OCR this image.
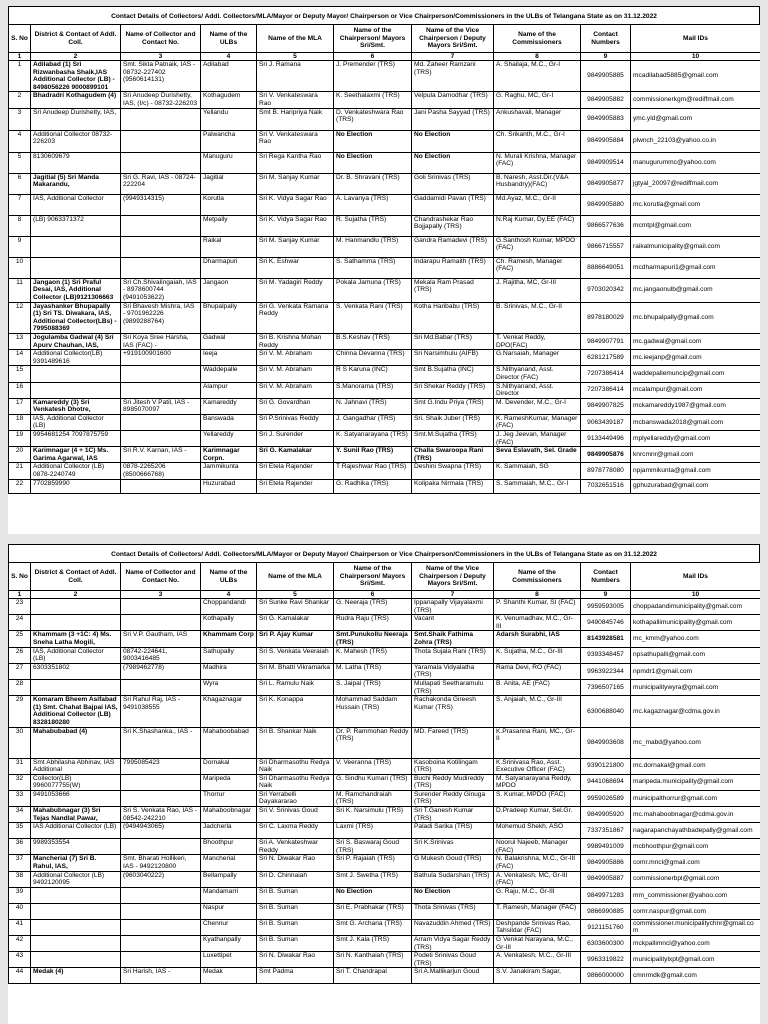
Contact Details of Collectors/ Addl. Collectors/MLA/Mayor or Deputy Mayor/ Chairperson or Vice Chairperson/Commissioners in the ULBs of Telangana State as on 31.12.2022
S. No	District & Contact of Addl. Coll.	Name of Collector and Contact No.	Name of the ULBs	Name of the MLA	Name of the Chairperson/ Mayors Sri/Smt.	Name of the Vice Chairperson / Deputy Mayors Sri/Smt.	Name of the Commissioners	Contact Numbers	Mail IDs
1	2	3	4	5	6	7	8	9	10
1	Adilabad (1) Sri Rizwanbasha Shaik,IAS Additional Collector (LB) - 8498056226 9000899101	Smt. Sikta Patnaik, IAS - 08732-227402 (9560614131)	Adilabad	Sri J. Ramana	J. Premender (TRS)	Md. Zaheer Ramzani (TRS)	A. Shailaja, M.C., Gr-I	9849905885	mcadilabad5885@gmail.com
2	Bhadradri Kothagudem (4)	Sri Anudeep Durishetty, IAS, (I/c) - 08732-226203	Kothagudem	Sri V. Venkateswara Rao	K. Seethalaxmi (TRS)	Velpula Damodhar (TRS)	G. Raghu, MC, Gr-I	9849905882	commissionerkgm@rediffmail.com
3	Sri Anudeep Durishetty, IAS,		Yellandu	Smt B. Haripriya Naik	D. Venkateshwara Rao (TRS)	Jani Pasha Sayyad (TRS)	Ankushavali, Manager	9849905883	ymc.yld@gmail.com
4	Additional Collector 08732-226203		Palwancha	Sri V. Venkateswara Rao	No Election	No Election	Ch. Srikanth, M.C., Gr-I	9849905884	plwnch_22103@yahoo.co.in
5	8130609679		Manuguru	Sri Rega Kantha Rao	No Election	No Election	N. Murali Krishna, Manager (FAC)	9849909514	manugurummc@yahoo.com
6	Jagitial (5) Sri Manda Makarandu,	Sri G. Ravi, IAS - 08724-222204	Jagitial	Sri M. Sanjay Kumar	Dr. B. Shravani (TRS)	Goli Srinivas (TRS)	B. Naresh, Asst.Dir.(V&A Husbandry)(FAC)	9849905877	jgtyal_20097@rediffmail.com
7	IAS, Additional Collector	(9949314315)	Korutla	Sri K. Vidya Sagar Rao	A. Lavanya (TRS)	Gaddamidi Pavan (TRS)	Md.Ayaz, M.C., Gr-II	9849905880	mc.korutla@gmail.com
8	(LB) 9063371372		Metpally	Sri K. Vidya Sagar Rao	R. Sujatha (TRS)	Chandrashekar Rao Bojjapally (TRS)	N.Raj Kumar, Dy.EE (FAC)	9866577636	mcmtpl@gmail.com
9			Raikal	Sri M. Sanjay Kumar	M. Hanmandlu (TRS)	Gandra Ramadevi (TRS)	G.Santhosh Kumar, MPDO (FAC)	9866715557	raikalmunicipality@gmail.com
10			Dharmapuri	Sri K. Eshwar	S. Sathamma (TRS)	Indarapu Ramaith (TRS)	Ch. Ramesh, Manager (FAC)	8886649051	mcdharmapuri1@gmail.com
11	Jangaon (1) Sri Praful Desai, IAS, Additional Collector (LB)9121306663	Sri Ch.Shivalingaiah, IAS - 8978600744 (9491053622)	Jangaon	Sri M. Yadagiri Reddy	Pokala Jamuna (TRS)	Mekala Ram Prasad (TRS)	J. Rajitha, MC, Gr-III	9703020342	mc.jangaonulb@gmail.com
12	Jayashanker Bhupapally (1) Sri TS. Diwakara, IAS, Additional Collector(LBs) - 7995088369	Sri Bhavesh Mishra, IAS - 9701962226 (9899288764)	Bhupalpally	Sri G. Venkata Ramana Reddy	S. Venkata Rani (TRS)	Kotha Haribabu (TRS)	B. Srinivas, M.C., Gr-II	8978180029	mc.bhupalpally@gmail.com
13	Jogulamba Gadwal (4) Sri Apurv Chauhan, IAS,	Sri Koya Sree Harsha, IAS (FAC) -	Gadwal	Sri B. Krishna Mohan Reddy	B.S.Keshav (TRS)	Sri Md.Babar (TRS)	T. Venkat Reddy, DPO(FAC)	9849907791	mc.gadwal@gmail.com
14	Additional Collector(LB) 9391489616	+919100901600	Ieeja	Sri V. M. Abraham	Chinna Devanna (TRS)	Sri Narsimhulu (AIFB)	G.Narsaiah, Manager	6281217589	mc.ieejanp@gmail.com
15			Waddepalle	Sri V. M. Abraham	R S Karuna (INC)	Smt B.Sujatha (INC)	S.Nithyanand, Asst. Director (FAC)	7207386414	waddepallemuncip@gmail.com
16			Alampur	Sri V. M. Abraham	S.Manorama (TRS)	Sri Shekar Reddy (TRS)	S.Nithyanand, Asst. Director	7207386414	mcalampur@gmail.com
17	Kamareddy (3) Sri Venkatesh Dhotre,	Sri Jitesh V Patil, IAS - 8985070097	Kamareddy	Sri G. Govardhan	N. Jahnavi (TRS)	Smt G.Indu Priya (TRS)	M. Devender, M.C., Gr-I	9849907825	mckamareddy1987@gmail.com
18	IAS, Additional Collector (LB)		Banswada	Sri P.Srinivas Reddy	J. Gangadhar (TRS)	Sri. Shaik Juber (TRS)	K. RameshKumar, Manager (FAC)	9063439187	mcbanswada2018@gmail.com
19	9954681254 7097875759		Yellareddy	Sri J. Surender	K. Satyanarayana (TRS)	Smt.M.Sujatha (TRS)	J. Jeg Jeevan, Manager (FAC)	9133449496	mplyellareddy@gmail.com
20	Karimnagar (4 + 1C) Ms. Garima Agarwal, IAS	Sri R.V. Karnan, IAS -	Karimnagar Corpn.	Sri G. Kamalakar	Y. Sunil Rao (TRS)	Challa Swaroopa Rani (TRS)	Seva Eslavath, Sel. Grade	9849905876	knrcmnr@gmail.com
21	Additional Collector (LB) 0878-2240749	0878-2265206 (8500666768)	Jammikunta	Sri Etela Rajender	T Rajeshwar Rao (TRS)	Deshini Swapna (TRS)	K. Sammaiah, SG	8978778080	npjammikunta@gmail.com
22	7702859990		Huzurabad	Sri Etela Rajender	G. Radhika (TRS)	Kolipaka Nirmala (TRS)	S. Sammaiah, M.C., Gr-I	7032651516	gphuzurabad@gmail.com
Contact Details of Collectors/ Addl. Collectors/MLA/Mayor or Deputy Mayor/ Chairperson or Vice Chairperson/Commissioners in the ULBs of Telangana State as on 31.12.2022
S. No	District & Contact of Addl. Coll.	Name of Collector and Contact No.	Name of the ULBs	Name of the MLA	Name of the Chairperson/ Mayors Sri/Smt.	Name of the Vice Chairperson / Deputy Mayors Sri/Smt.	Name of the Commissioners	Contact Numbers	Mail IDs
1	2	3	4	5	6	7	8	9	10
23			Choppandandi	Sri Sunke Ravi Shankar	G. Neeraja (TRS)	Ippanapally Vijayalaxmi (TRS)	P. Shanthi Kumar, SI (FAC)	9959593005	choppadandimunicipality@gmail.com
24			Kothapally	Sri G. Kamalakar	Rudra Raju (TRS)	Vacant	K. Venumadhav, M.C., Gr-III	9490845746	kothapallimunicipality@gmail.com
25	Khammam (3 +1C: 4) Ms. Sneha Latha Mogili,	Sri V.P. Gautham, IAS	Khammam Corp	Sri P. Ajay Kumar	Smt.Punukollu Neeraja (TRS)	Smt.Shaik Fathima Zohra (TRS)	Adarsh Surabhi, IAS	8143928581	mc_kmm@yahoo.com
26	IAS, Additional Collector (LB)	08742-224641, 9003416485	Sathupally	Sri S. Venkata Veeraiah	K. Mahesh (TRS)	Thota Sujala Rani (TRS)	K. Sujatha, M.C., Gr-III	9393348457	npsathupalli@gmail.com
27	6303351802	(7989462778)	Madhira	Sri M. Bhatti Vikramarka	M. Latha (TRS)	Yaramala Vidyalatha (TRS)	Rama Devi, RO (FAC)	9963922344	npmdr1@gmail.com
28			Wyra	Sri L. Ramulu Naik	S. Jaipal (TRS)	Mullapati Seetharamulu (TRS)	B. Anita, AE (FAC)	7396507165	municipalitywyra@gmail.com
29	Komaram Bheem Asifabad (1) Smt. Chahat Bajpai IAS, Additional Collector (LB) 8328180280	Sri Rahul Raj, IAS - 9491038555	Khagaznagar	Sri K. Konappa	Mohammad Saddam Hussain (TRS)	Rachakonda Gireesh Kumar (TRS)	S. Anjaiah, M.C., Gr-III	6300688040	mc.kagaznagar@cdma.gov.in
30	Mahabubabad (4)	Sri K.Shashanka., IAS -	Mahaboobabad	Sri B. Shankar Naik	Dr. P. Rammohan Reddy (TRS)	MD. Fareed (TRS)	K.Prasanna Rani, MC., Gr-II	9849903608	mc_mabd@yahoo.com
31	Smt Abhilasha Abhinav, IAS Additional	7995085423	Dornakal	Sri Dharmasothu Redya Naik	V. Veeranna (TRS)	Kasoboina Kotilingam (TRS)	K.Srinivasa Rao, Asst. Executive Officer (FAC)	9390121800	mc.dornakal@gmail.com
32	Collector(LB) 9960077755(W)		Maripeda	Sri Dharmasothu Redya Naik	G. Sindhu Kumari (TRS)	Buchi Reddy Mudireddy (TRS)	M. Satyanarayana Reddy, MPDO	9441068694	maripeda.municipality@gmail.com
33	9491053666		Thorrur	Sri Yerrabelli Dayakararao	M. Ramchandraiah (TRS)	Surender Reddy Ginuga (TRS)	S. Kumar, MPDO (FAC)	9959026589	municipalthorrur@gmail.com
34	Mahabubnagar (3) Sri Tejas Nandlal Pawar,	Sri S. Venkata Rao, IAS - 08542-242210	Mahaboobnagar	Sri V. Srinivas Goud	Sri K. Narsimulu (TRS)	Sri T.Ganesh Kumar (TRS)	D.Pradeep Kumar, Sel.Gr.	9849905920	mc.mahaboobnagar@cdma.gov.in
35	IAS Additional Collector (LB)	(9494943065)	Jadcherla	Sri C. Laxma Reddy	Laxmi (TRS)	Paladi Sarika (TRS)	Mohemud Shekh, ASO	7337351867	nagarapanchayathbadepally@gmail.com
36	9989353554		Bhoothpur	Sri A. Venkateshwar Reddy	Sri S. Baswaraj Goud (TRS)	Sri K.Srinivas	Noorul Najeeb, Manager (FAC)	9989491009	mcbhoothpur@gmail.com
37	Mancherial (7) Sri B. Rahul, IAS,	Smt. Bharati Hollikeri, IAS - 9492120800	Mancherial	Sri N. Diwakar Rao	Sri P. Rajaiah (TRS)	G Mukesh Goud (TRS)	N. Balakrishna, M.C., Gr-III (FAC)	9849905886	comr.mncl@gmail.com
38	Additional Collector (LB) 9492120095	(9603040222)	Bellampally	Sri D. Chinnaiah	Smt J. Swetha (TRS)	Bathula Sudarshan (TRS)	A. Venkatesh, MC, Gr-III (FAC)	9849905887	commissionerbpl@gmail.com
39			Mandamarri	Sri B. Suman	No Election	No Election	G. Raju, M.C., Gr-III	9849971283	mm_commissioner@yahoo.com
40			Naspur	Sri B. Suman	Sri E. Prabhakar (TRS)	Thota Srinivas (TRS)	T. Ramesh, Manager (FAC)	9866990885	comr.naspur@gmail.com
41			Chennur	Sri B. Suman	Smt G. Archana (TRS)	Navazuddin Ahmed (TRS)	Deshpande Srinivas Rao, Tahsildar (FAC)	9121151760	commissioner.municipalitychnr@gmail.com
42			Kyathanpally	Sri B. Suman	Smt J. Kala (TRS)	Arram Vidya Sagar Reddy (TRS)	G Venkat Narayana, M.C., Gr-III	6303600300	mckpallimncl@yahoo.com
43			Luxettipet	Sri N. Diwakar Rao	Sri N. Kanthaiah (TRS)	Podeti Srinivas Goud (TRS)	A. Venkatesh, M.C., Gr-III	9963319822	municipalitylxpt@gmail.com
44	Medak (4)	Sri Harish, IAS -	Medak	Smt Padma	Sri T. Chandrapal	Sri A.Mallikarjun Goud	S.V. Janakiram Sagar,	9866000000	cmnrmdk@gmail.com
